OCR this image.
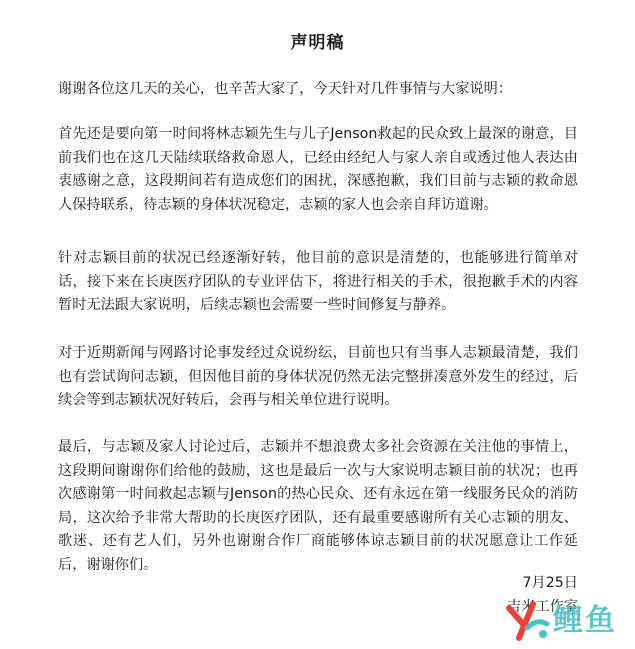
声明稿

谢谢各位这几天的关心，也辛苦大家了，今天针对几件事情与大家说明：

首先还是要向第一时间将林志颖先生与儿子Jenson救起的民众致上最深的谢意，目前我们也在这几天陆续联络救命恩人，已经由经纪人与家人亲自或透过他人表达由衷感谢之意，这段期间若有造成您们的困扰，深感抱歉，我们目前与志颖的救命恩人保持联系，待志颖的身体状况稳定，志颖的家人也会亲自拜访道谢。

针对志颖目前的状况已经逐渐好转，他目前的意识是清楚的，也能够进行简单对话，接下来在长庚医疗团队的专业评估下，将进行相关的手术，很抱歉手术的内容暂时无法跟大家说明，后续志颖也会需要一些时间修复与静养。

对于近期新闻与网路讨论事发经过众说纷纭，目前也只有当事人志颖最清楚，我们也有尝试询问志颖，但因他目前的身体状况仍然无法完整拼凑意外发生的经过，后续会等到志颖状况好转后，会再与相关单位进行说明。

最后，与志颖及家人讨论过后，志颖并不想浪费太多社会资源在关注他的事情上，这段期间谢谢你们给他的鼓励，这也是最后一次与大家说明志颖目前的状况；也再次感谢第一时间救起志颖与Jenson的热心民众、还有永远在第一线服务民众的消防局，这次给予非常大帮助的长庚医疗团队，还有最重要感谢所有关心志颖的朋友、歌迷、还有艺人们，另外也谢谢合作厂商能够体谅志颖目前的状况愿意让工作延后，谢谢你们。

7月25日
吉米工作室
鲤鱼
